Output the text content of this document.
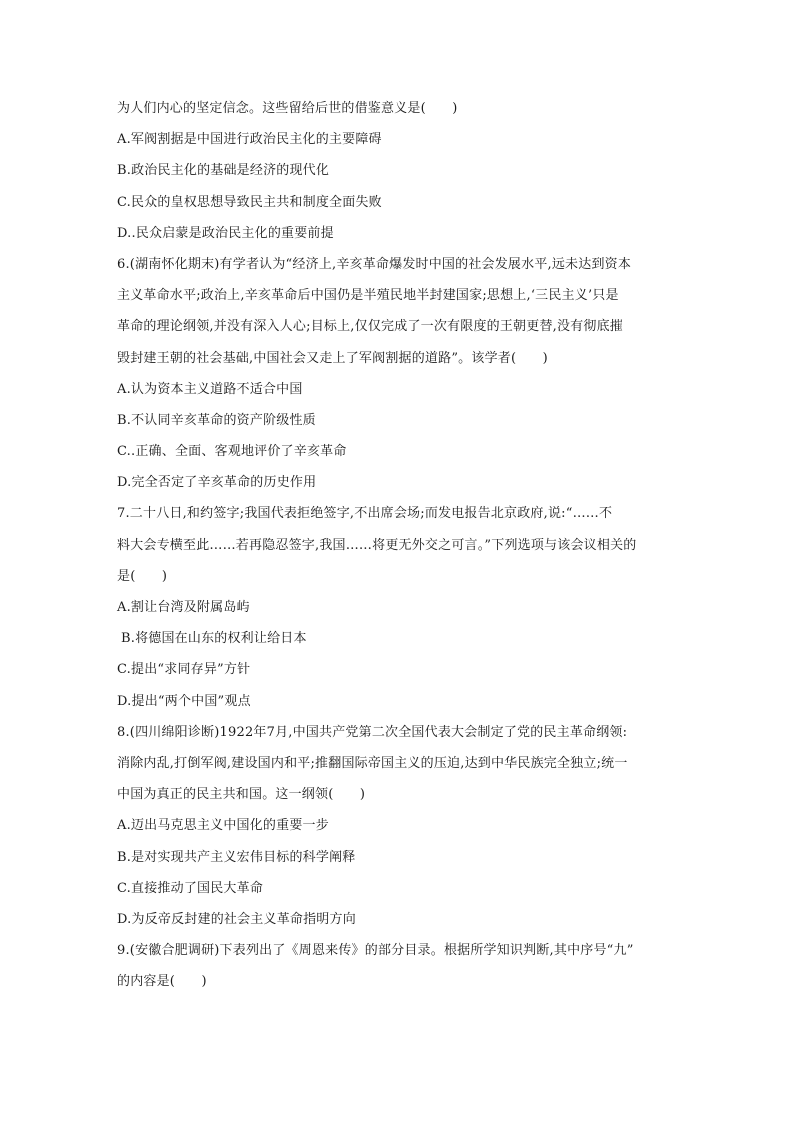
为人们内心的坚定信念。这些留给后世的借鉴意义是(　　)
A.军阀割据是中国进行政治民主化的主要障碍
B.政治民主化的基础是经济的现代化
C.民众的皇权思想导致民主共和制度全面失败
D..民众启蒙是政治民主化的重要前提
6.(湖南怀化期末)有学者认为“经济上,辛亥革命爆发时中国的社会发展水平,远未达到资本
主义革命水平;政治上,辛亥革命后中国仍是半殖民地半封建国家;思想上,‘三民主义’只是
革命的理论纲领,并没有深入人心;目标上,仅仅完成了一次有限度的王朝更替,没有彻底摧
毁封建王朝的社会基础,中国社会又走上了军阀割据的道路”。该学者(　　)
A.认为资本主义道路不适合中国
B.不认同辛亥革命的资产阶级性质
C..正确、全面、客观地评价了辛亥革命
D.完全否定了辛亥革命的历史作用
7.二十八日,和约签字;我国代表拒绝签字,不出席会场;而发电报告北京政府,说:“……不
料大会专横至此……若再隐忍签字,我国……将更无外交之可言。”下列选项与该会议相关的
是(　　)
A.割让台湾及附属岛屿
B.将德国在山东的权利让给日本
C.提出“求同存异”方针
D.提出“两个中国”观点
8.(四川绵阳诊断)1922年7月,中国共产党第二次全国代表大会制定了党的民主革命纲领:
消除内乱,打倒军阀,建设国内和平;推翻国际帝国主义的压迫,达到中华民族完全独立;统一
中国为真正的民主共和国。这一纲领(　　)
A.迈出马克思主义中国化的重要一步
B.是对实现共产主义宏伟目标的科学阐释
C.直接推动了国民大革命
D.为反帝反封建的社会主义革命指明方向
9.(安徽合肥调研)下表列出了《周恩来传》的部分目录。根据所学知识判断,其中序号“九”
的内容是(　　)
